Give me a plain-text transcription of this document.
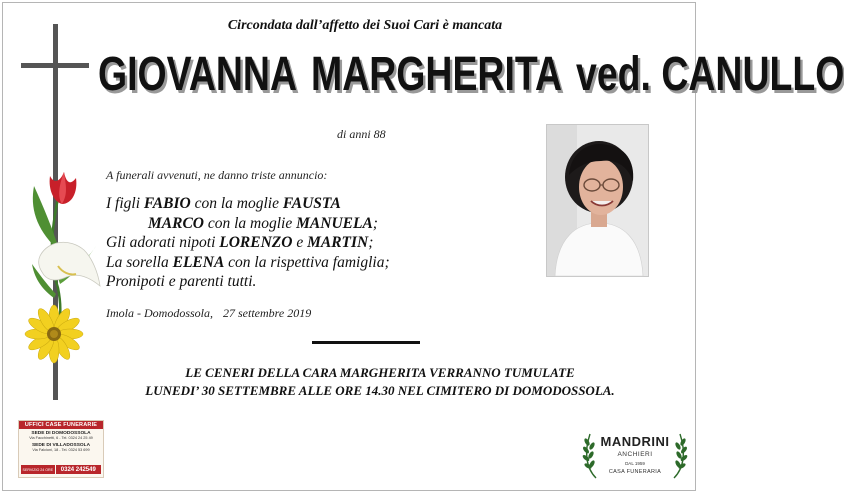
Circondata dall’affetto dei Suoi Cari è mancata
GIOVANNA MARGHERITA ved. CANULLO
di anni 88
A funerali avvenuti, ne danno triste annuncio:
I figli FABIO con la moglie FAUSTA
MARCO con la moglie MANUELA;
Gli adorati nipoti LORENZO e MARTIN;
La sorella ELENA con la rispettiva famiglia;
Pronipoti e parenti tutti.
Imola - Domodossola, 27 settembre 2019
LE CENERI DELLA CARA MARGHERITA VERRANNO TUMULATE
LUNEDI’ 30 SETTEMBRE ALLE ORE 14.30 NEL CIMITERO DI DOMODOSSOLA.
UFFICI CASE FUNERARIE
SEDE DI DOMODOSSOLA
Via Facchinetti, 6 - Tel. 0324 24 25 49
SEDE DI VILLADOSSOLA
Via Falcioni, 18 - Tel. 0324 53 699
SERVIZIO 24 ORE	0324 242549
MANDRINI
ANCHIERI
DAL 1959
CASA FUNERARIA
